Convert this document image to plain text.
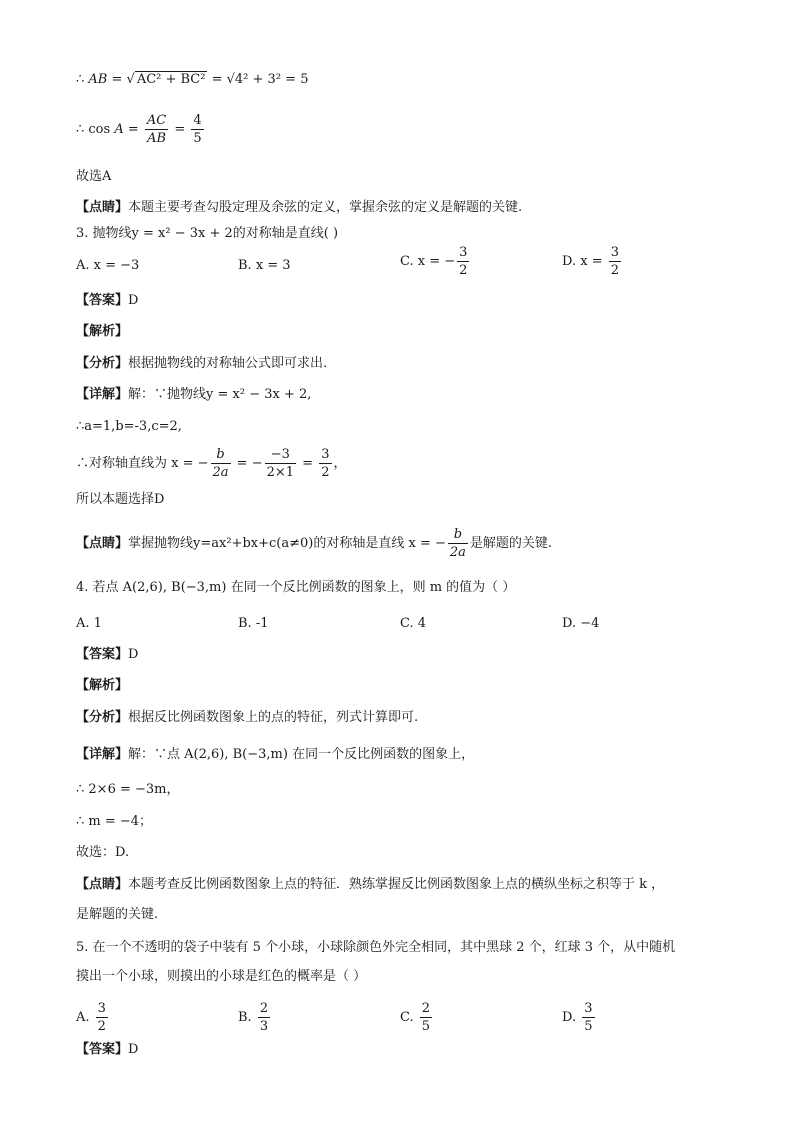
∴ AB = √ AC² + BC² = √4² + 3² = 5
∴ $\cos A = \frac{AC}{AB} = \frac{4}{5}$
故选A
【点睛】本题主要考查勾股定理及余弦的定义，掌握余弦的定义是解题的关键.
3. 抛物线y = x² − 3x + 2的对称轴是直线( )
A. x = −3	B. x = 3	C. x = − $\frac{3}{2}$	D. $x = \frac{3}{2}$
【答案】D
【解析】
【分析】根据抛物线的对称轴公式即可求出.
【详解】解：∵抛物线y = x² − 3x + 2,
∴a=1,b=-3,c=2,
∴对称轴直线为 x = − $\frac{b}{2a}$ = − $\frac{-3}{2\times 1} = \frac{3}{2}$ ，
所以本题选择D
【点睛】掌握抛物线y=ax²+bx+c(a≠0)的对称轴是直线 x = − $\frac{b}{2a}$ 是解题的关键.
4. 若点 A(2,6), B(−3,m) 在同一个反比例函数的图象上，则 m 的值为（ ）
A. 1	B. -1	C. 4	D. −4
【答案】D
【解析】
【分析】根据反比例函数图象上的点的特征，列式计算即可.
【详解】解：∵点 A(2,6), B(−3,m) 在同一个反比例函数的图象上，
∴ 2×6 = −3m，
∴ m = −4；
故选：D.
【点睛】本题考查反比例函数图象上点的特征．熟练掌握反比例函数图象上点的横纵坐标之积等于 k ，
是解题的关键.
5. 在一个不透明的袋子中装有 5 个小球，小球除颜色外完全相同，其中黑球 2 个，红球 3 个，从中随机
摸出一个小球，则摸出的小球是红色的概率是（ ）
A. $\frac{3}{2}$	B. $\frac{2}{3}$	C. $\frac{2}{5}$	D. $\frac{3}{5}$
【答案】D
